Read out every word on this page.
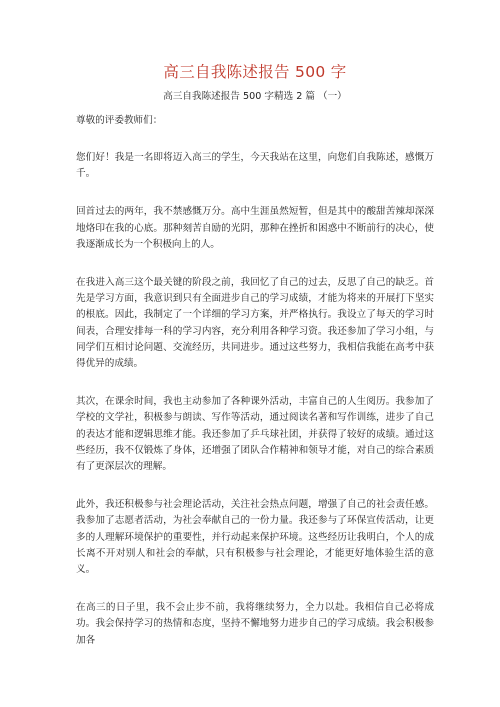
高三自我陈述报告 500 字
高三自我陈述报告 500 字精选 2 篇 （一）
尊敬的评委教师们：
您们好！我是一名即将迈入高三的学生，今天我站在这里，向您们自我陈述，感慨万千。
回首过去的两年，我不禁感慨万分。高中生涯虽然短暂，但是其中的酸甜苦辣却深深地烙印在我的心底。那种刻苦自励的光阴，那种在挫折和困惑中不断前行的决心，使我逐渐成长为一个积极向上的人。
在我进入高三这个最关键的阶段之前，我回忆了自己的过去，反思了自己的缺乏。首先是学习方面，我意识到只有全面进步自己的学习成绩，才能为将来的开展打下坚实的根底。因此，我制定了一个详细的学习方案，并严格执行。我设立了每天的学习时间表，合理安排每一科的学习内容，充分利用各种学习资。我还参加了学习小组，与同学们互相讨论问题、交流经历，共同进步。通过这些努力，我相信我能在高考中获得优异的成绩。
其次，在课余时间，我也主动参加了各种课外活动，丰富自己的人生阅历。我参加了学校的文学社，积极参与朗读、写作等活动，通过阅读名著和写作训练，进步了自己的表达才能和逻辑思维才能。我还参加了乒乓球社团，并获得了较好的成绩。通过这些经历，我不仅锻炼了身体，还增强了团队合作精神和领导才能，对自己的综合素质有了更深层次的理解。
此外，我还积极参与社会理论活动，关注社会热点问题，增强了自己的社会责任感。我参加了志愿者活动，为社会奉献自己的一份力量。我还参与了环保宣传活动，让更多的人理解环境保护的重要性，并行动起来保护环境。这些经历让我明白，个人的成长离不开对别人和社会的奉献，只有积极参与社会理论，才能更好地体验生活的意义。
在高三的日子里，我不会止步不前，我将继续努力，全力以赴。我相信自己必将成功。我会保持学习的热情和态度，坚持不懈地努力进步自己的学习成绩。我会积极参加各
